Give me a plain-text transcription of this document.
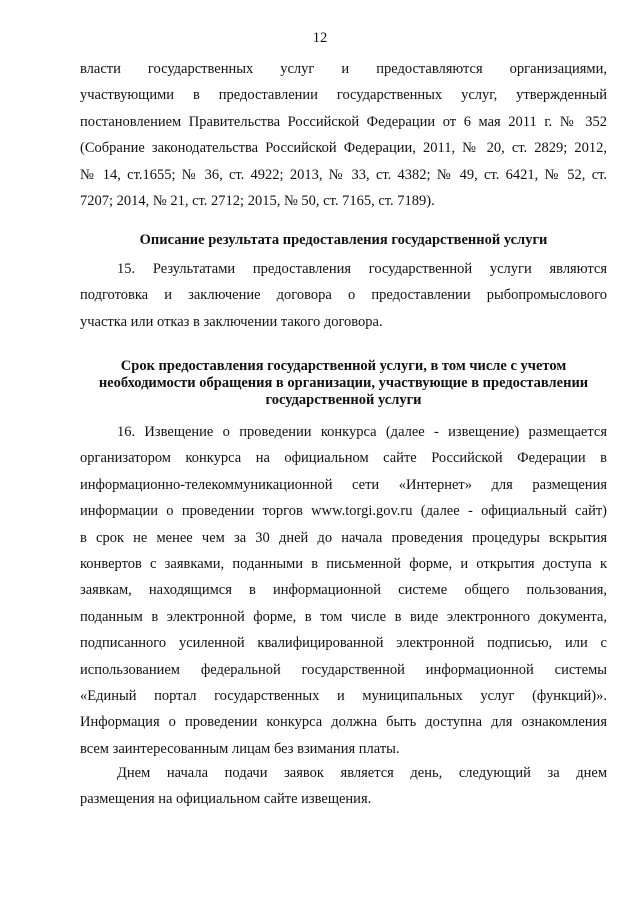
12
власти государственных услуг и предоставляются организациями,
участвующими в предоставлении государственных услуг, утвержденный
постановлением Правительства Российской Федерации от 6 мая 2011 г. № 352
(Собрание законодательства Российской Федерации, 2011, № 20, ст. 2829; 2012,
№ 14, ст.1655; № 36, ст. 4922; 2013, № 33, ст. 4382; № 49, ст. 6421, № 52, ст.
7207; 2014, № 21, ст. 2712; 2015, № 50, ст. 7165, ст. 7189).
Описание результата предоставления государственной услуги
15. Результатами предоставления государственной услуги являются
подготовка и заключение договора о предоставлении рыбопромыслового
участка или отказ в заключении такого договора.
Срок предоставления государственной услуги, в том числе с учетом
необходимости обращения в организации, участвующие в предоставлении
государственной услуги
16. Извещение о проведении конкурса (далее - извещение) размещается
организатором конкурса на официальном сайте Российской Федерации в
информационно-телекоммуникационной сети «Интернет» для размещения
информации о проведении торгов www.torgi.gov.ru (далее - официальный сайт)
в срок не менее чем за 30 дней до начала проведения процедуры вскрытия
конвертов с заявками, поданными в письменной форме, и открытия доступа к
заявкам, находящимся в информационной системе общего пользования,
поданным в электронной форме, в том числе в виде электронного документа,
подписанного усиленной квалифицированной электронной подписью, или с
использованием федеральной государственной информационной системы
«Единый портал государственных и муниципальных услуг (функций)».
Информация о проведении конкурса должна быть доступна для ознакомления
всем заинтересованным лицам без взимания платы.
Днем начала подачи заявок является день, следующий за днем
размещения на официальном сайте извещения.
